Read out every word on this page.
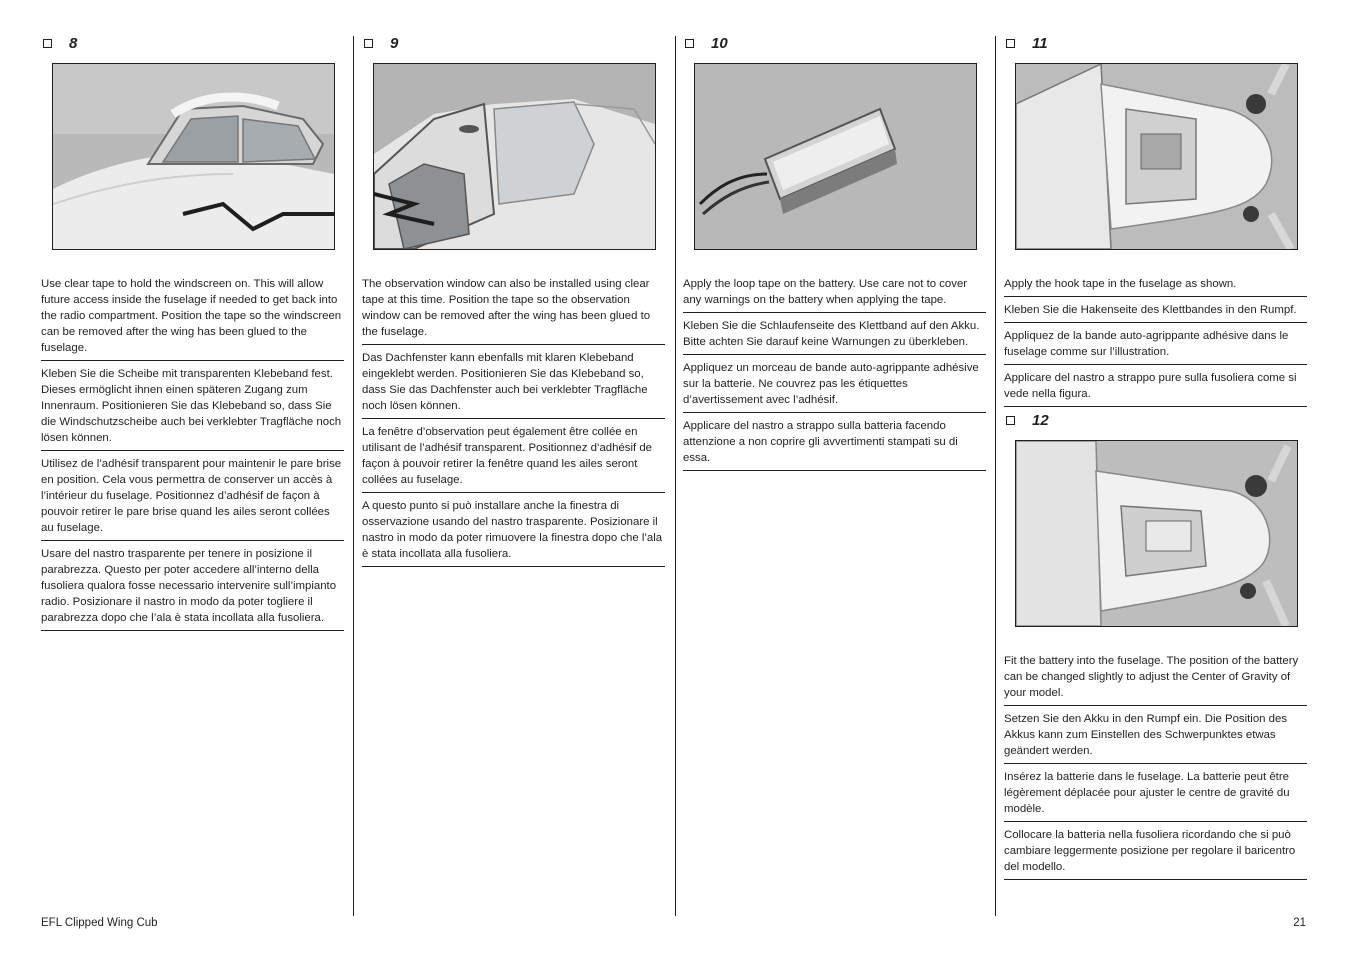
8
Use clear tape to hold the windscreen on. This will allow future access inside the fuselage if needed to get back into the radio compartment. Position the tape so the windscreen can be removed after the wing has been glued to the fuselage.
Kleben Sie die Scheibe mit transparenten Klebeband fest. Dieses ermöglicht ihnen einen späteren Zugang zum Innenraum. Positionieren Sie das Klebeband so, dass Sie die Windschutzscheibe auch bei verklebter Tragfläche noch lösen können.
Utilisez de l’adhésif transparent pour maintenir le pare brise en position. Cela vous permettra de conserver un accès à l’intérieur du fuselage. Positionnez d’adhésif de façon à pouvoir retirer le pare brise quand les ailes seront collées au fuselage.
Usare del nastro trasparente per tenere in posizione il parabrezza. Questo per poter accedere all’interno della fusoliera qualora fosse necessario intervenire sull’impianto radio. Posizionare il nastro in modo da poter togliere il parabrezza dopo che l’ala è stata incollata alla fusoliera.
9
The observation window can also be installed using clear tape at this time. Position the tape so the observation window can be removed after the wing has been glued to the fuselage.
Das Dachfenster kann ebenfalls mit klaren Klebeband eingeklebt werden. Positionieren Sie das Klebeband so, dass Sie das Dachfenster auch bei verklebter Tragfläche noch lösen können.
La fenêtre d’observation peut également être collée en utilisant de l’adhésif transparent. Positionnez d’adhésif de façon à pouvoir retirer la fenêtre quand les ailes seront collées au fuselage.
A questo punto si può installare anche la finestra di osservazione usando del nastro trasparente. Posizionare il nastro in modo da poter rimuovere la finestra dopo che l’ala è stata incollata alla fusoliera.
10
Apply the loop tape on the battery. Use care not to cover any warnings on the battery when applying the tape.
Kleben Sie die Schlaufenseite des Klettband auf den Akku. Bitte achten Sie darauf keine Warnungen zu überkleben.
Appliquez un morceau de bande auto-agrippante adhésive sur la batterie. Ne couvrez pas les étiquettes d’avertissement avec l’adhésif.
Applicare del nastro a strappo sulla batteria facendo attenzione a non coprire gli avvertimenti stampati su di essa.
11
Apply the hook tape in the fuselage as shown.
Kleben Sie die Hakenseite des Klettbandes in den Rumpf.
Appliquez de la bande auto-agrippante adhésive dans le fuselage comme sur l’illustration.
Applicare del nastro a strappo pure sulla fusoliera come si vede nella figura.
12
Fit the battery into the fuselage. The position of the battery can be changed slightly to adjust the Center of Gravity of your model.
Setzen Sie den Akku in den Rumpf ein. Die Position des Akkus kann zum Einstellen des Schwerpunktes etwas geändert werden.
Insérez la batterie dans le fuselage. La batterie peut être légèrement déplacée pour ajuster le centre de gravité du modèle.
Collocare la batteria nella fusoliera ricordando che si può cambiare leggermente posizione per regolare il baricentro del modello.
EFL Clipped Wing Cub	21
